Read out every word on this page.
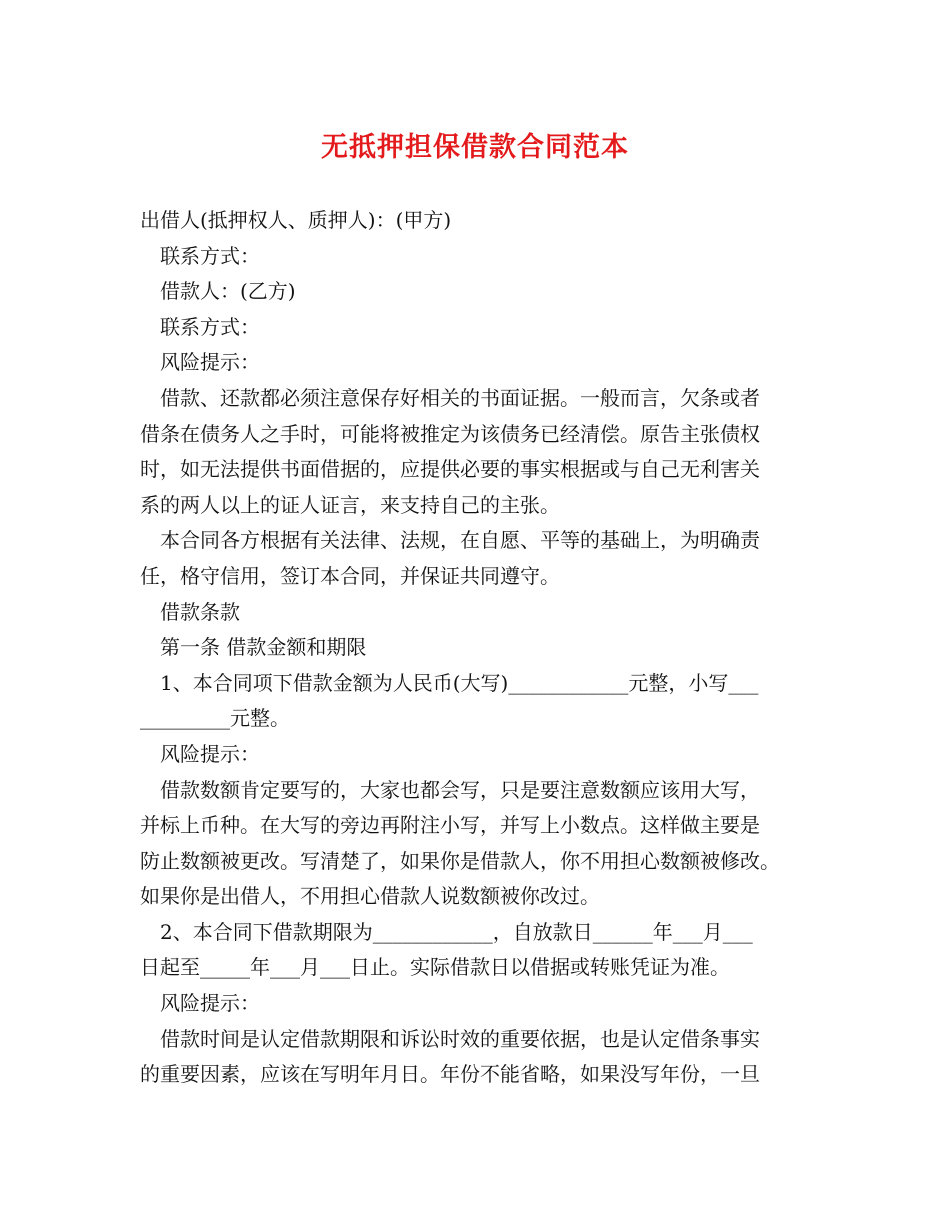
无抵押担保借款合同范本
出借人(抵押权人、质押人)：(甲方)
联系方式：
借款人：(乙方)
联系方式：
风险提示：
借款、还款都必须注意保存好相关的书面证据。一般而言，欠条或者
借条在债务人之手时，可能将被推定为该债务已经清偿。原告主张债权
时，如无法提供书面借据的，应提供必要的事实根据或与自己无利害关
系的两人以上的证人证言，来支持自己的主张。
本合同各方根据有关法律、法规，在自愿、平等的基础上，为明确责
任，格守信用，签订本合同，并保证共同遵守。
借款条款
第一条 借款金额和期限
1、本合同项下借款金额为人民币(大写)____________元整，小写___
_________元整。
风险提示：
借款数额肯定要写的，大家也都会写，只是要注意数额应该用大写，
并标上币种。在大写的旁边再附注小写，并写上小数点。这样做主要是
防止数额被更改。写清楚了，如果你是借款人，你不用担心数额被修改。
如果你是出借人，不用担心借款人说数额被你改过。
2、本合同下借款期限为____________，自放款日______年___月___
日起至_____年___月___日止。实际借款日以借据或转账凭证为准。
风险提示：
借款时间是认定借款期限和诉讼时效的重要依据，也是认定借条事实
的重要因素，应该在写明年月日。年份不能省略，如果没写年份，一旦
